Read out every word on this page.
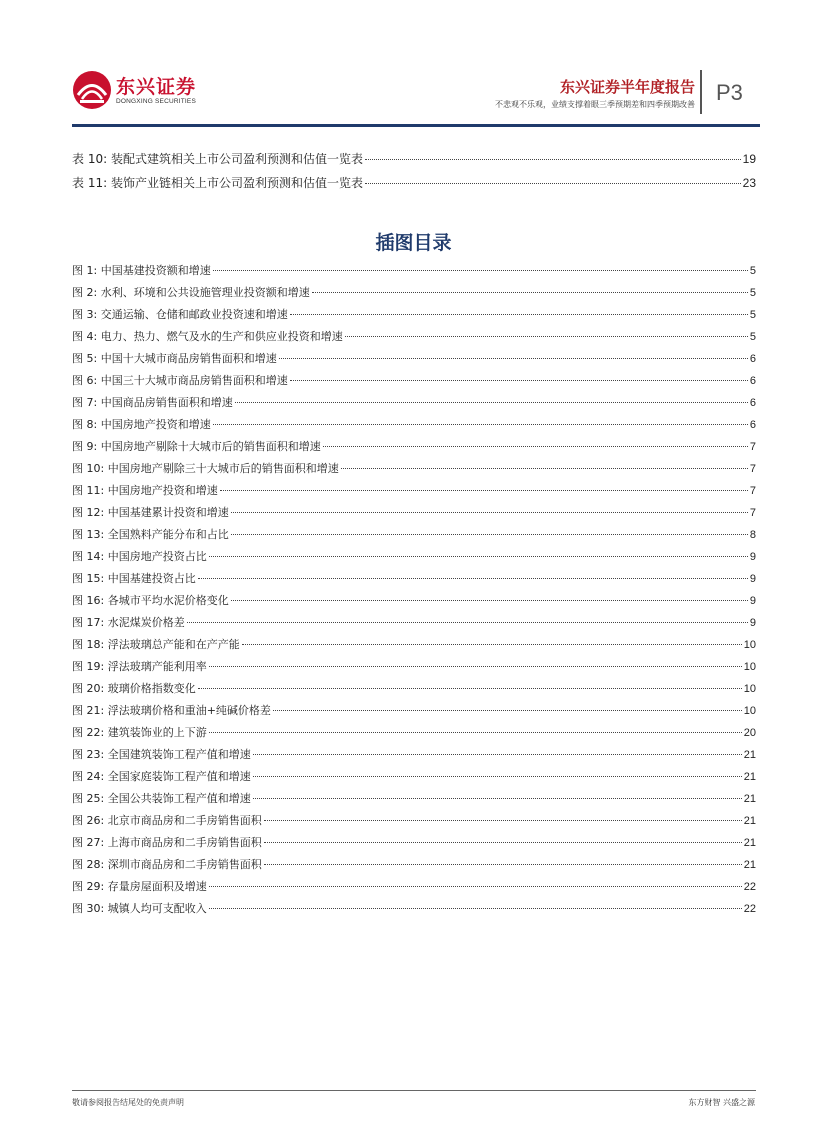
东兴证券
DONGXING SECURITIES
东兴证券半年度报告
不悲观不乐观，业绩支撑着眼三季预期差和四季预期改善 P3
表 10: 装配式建筑相关上市公司盈利预测和估值一览表	19
表 11: 装饰产业链相关上市公司盈利预测和估值一览表	23
插图目录
图 1: 中国基建投资额和增速	5
图 2: 水利、环境和公共设施管理业投资额和增速	5
图 3: 交通运输、仓储和邮政业投资速和增速	5
图 4: 电力、热力、燃气及水的生产和供应业投资和增速	5
图 5: 中国十大城市商品房销售面积和增速	6
图 6: 中国三十大城市商品房销售面积和增速	6
图 7: 中国商品房销售面积和增速	6
图 8: 中国房地产投资和增速	6
图 9: 中国房地产剔除十大城市后的销售面积和增速	7
图 10: 中国房地产剔除三十大城市后的销售面积和增速	7
图 11: 中国房地产投资和增速	7
图 12: 中国基建累计投资和增速	7
图 13: 全国熟料产能分布和占比	8
图 14: 中国房地产投资占比	9
图 15: 中国基建投资占比	9
图 16: 各城市平均水泥价格变化	9
图 17: 水泥煤炭价格差	9
图 18: 浮法玻璃总产能和在产产能	10
图 19: 浮法玻璃产能利用率	10
图 20: 玻璃价格指数变化	10
图 21: 浮法玻璃价格和重油+纯碱价格差	10
图 22: 建筑装饰业的上下游	20
图 23: 全国建筑装饰工程产值和增速	21
图 24: 全国家庭装饰工程产值和增速	21
图 25: 全国公共装饰工程产值和增速	21
图 26: 北京市商品房和二手房销售面积	21
图 27: 上海市商品房和二手房销售面积	21
图 28: 深圳市商品房和二手房销售面积	21
图 29: 存量房屋面积及增速	22
图 30: 城镇人均可支配收入	22
敬请参阅报告结尾处的免责声明	东方财智 兴盛之源
